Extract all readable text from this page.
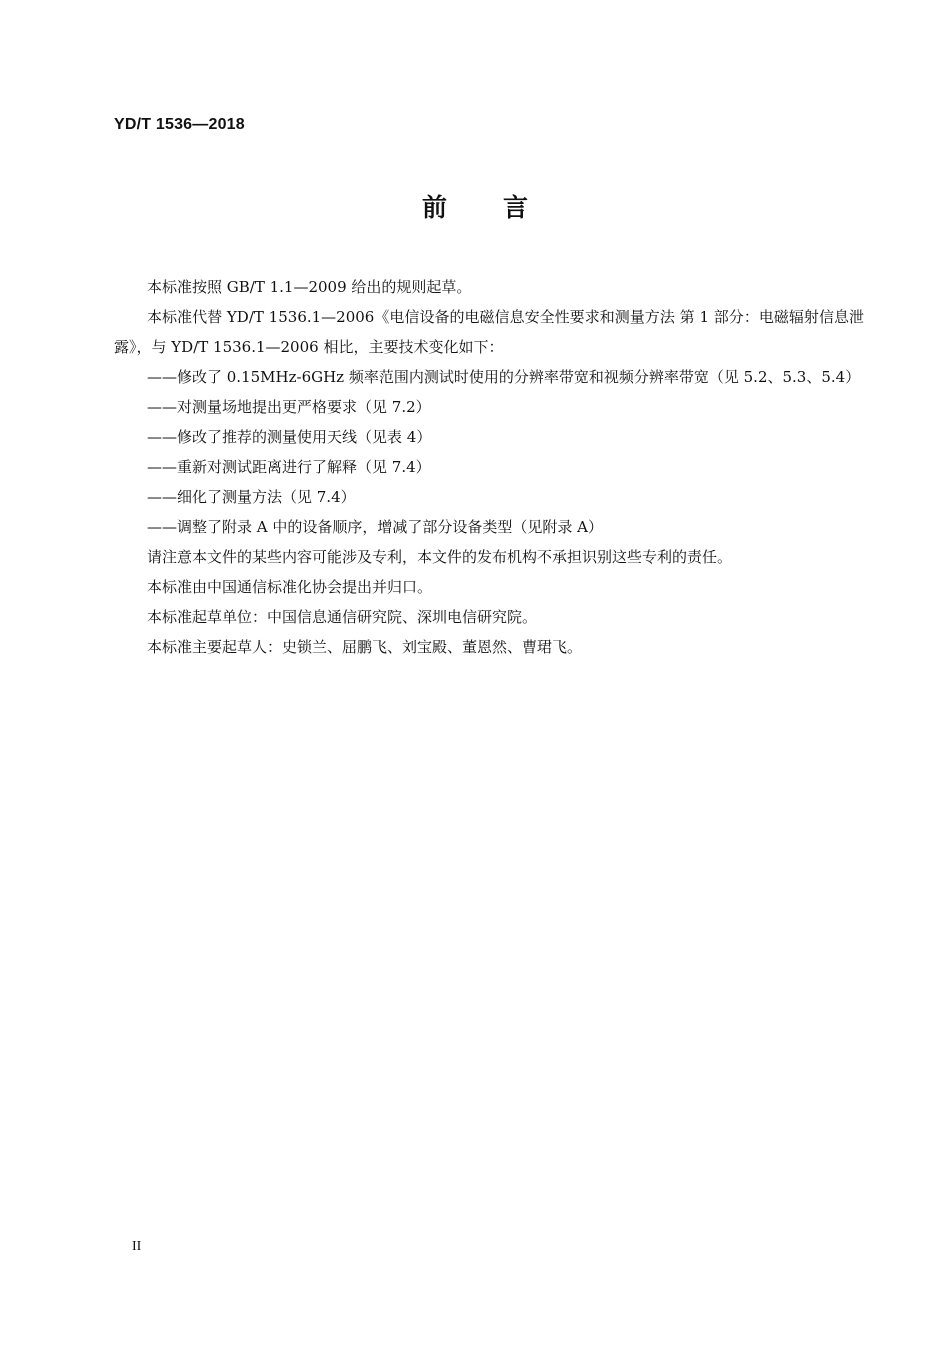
YD/T 1536—2018
前 言

本标准按照 GB/T 1.1—2009 给出的规则起草。

本标准代替 YD/T 1536.1—2006《电信设备的电磁信息安全性要求和测量方法 第 1 部分：电磁辐射信息泄露》，与 YD/T 1536.1—2006 相比，主要技术变化如下：

——修改了 0.15MHz-6GHz 频率范围内测试时使用的分辨率带宽和视频分辨率带宽（见 5.2、5.3、5.4）

——对测量场地提出更严格要求（见 7.2）

——修改了推荐的测量使用天线（见表 4）

——重新对测试距离进行了解释（见 7.4）

——细化了测量方法（见 7.4）

——调整了附录 A 中的设备顺序，增减了部分设备类型（见附录 A）

请注意本文件的某些内容可能涉及专利，本文件的发布机构不承担识别这些专利的责任。

本标准由中国通信标准化协会提出并归口。

本标准起草单位：中国信息通信研究院、深圳电信研究院。

本标准主要起草人：史锁兰、屈鹏飞、刘宝殿、董恩然、曹珺飞。

II
